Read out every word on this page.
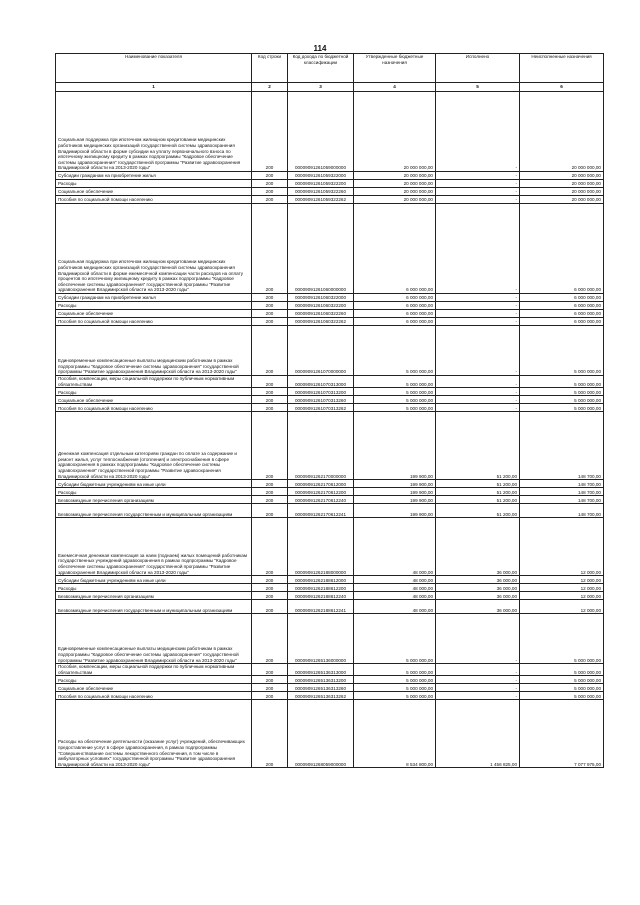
114
Наименование показателя	Код строки	Код дохода по бюджетной классификации	Утвержденные бюджетные назначения	Исполнено	Неисполненные назначения
1	2	3	4	5	6
Социальная поддержка при ипотечном жилищном кредитовании медицинских работников медицинских организаций государственной системы здравоохранения Владимирской области в форме субсидии на уплату первоначального взноса по ипотечному жилищному кредиту в рамках подпрограммы "Кадровое обеспечение системы здравоохранения" государственной программы "Развитие здравоохранения Владимирской области на 2013-2020 годы"	200	00009091261059000000	20 000 000,00	-	20 000 000,00
Субсидии гражданам на приобретение жилья	200	00009091261059322000	20 000 000,00	-	20 000 000,00
Расходы	200	00009091261059322200	20 000 000,00	-	20 000 000,00
Социальное обеспечение	200	00009091261059322260	20 000 000,00	-	20 000 000,00
Пособия по социальной помощи населению	200	00009091261059322262	20 000 000,00	-	20 000 000,00
Социальная поддержка при ипотечном жилищном кредитовании медицинских работников медицинских организаций государственной системы здравоохранения Владимирской области в форме ежемесячной компенсации части расходов на оплату процентов по ипотечному жилищному кредиту в рамках подпрограммы "Кадровое обеспечение системы здравоохранения" государственной программы "Развитие здравоохранения Владимирской области на 2013-2020 годы"	200	00009091261060000000	6 000 000,00	-	6 000 000,00
Субсидии гражданам на приобретение жилья	200	00009091261060322000	6 000 000,00	-	6 000 000,00
Расходы	200	00009091261060322200	6 000 000,00	-	6 000 000,00
Социальное обеспечение	200	00009091261060322260	6 000 000,00	-	6 000 000,00
Пособия по социальной помощи населению	200	00009091261060322262	6 000 000,00	-	6 000 000,00
Единовременные компенсационные выплаты медицинским работникам в рамках подпрограммы "Кадровое обеспечение системы здравоохранения" государственной программы "Развитие здравоохранения Владимирской области на 2013-2020 годы"	200	00009091261070000000	5 000 000,00	-	5 000 000,00
Пособия, компенсации, меры социальной поддержки по публичным нормативным обязательствам	200	00009091261070313000	5 000 000,00	-	5 000 000,00
Расходы	200	00009091261070313200	5 000 000,00	-	5 000 000,00
Социальное обеспечение	200	00009091261070313260	5 000 000,00	-	5 000 000,00
Пособия по социальной помощи населению	200	00009091261070313262	5 000 000,00	-	5 000 000,00
Денежная компенсация отдельным категориям граждан по оплате за содержание и ремонт жилья, услуг теплоснабжения (отопления) и электроснабжения в сфере здравоохранения в рамках подпрограммы "Кадровое обеспечение системы здравоохранения" государственной программы "Развитие здравоохранения Владимирской области на 2013-2020 годы"	200	00009091262170000000	199 900,00	51 200,00	148 700,00
Субсидии бюджетным учреждениям на иные цели	200	00009091262170612000	199 900,00	51 200,00	148 700,00
Расходы	200	00009091262170612200	199 900,00	51 200,00	148 700,00
Безвозмездные перечисления организациям	200	00009091262170612240	199 900,00	51 200,00	148 700,00
Безвозмездные перечисления государственным и муниципальным организациям	200	00009091262170612241	199 900,00	51 200,00	148 700,00
Ежемесячная денежная компенсация за наем (поднаем) жилых помещений работникам государственных учреждений здравоохранения в рамках подпрограммы "Кадровое обеспечение системы здравоохранения" государственной программы "Развитие здравоохранения Владимирской области на 2013-2020 годы"	200	00009091262188000000	48 000,00	36 000,00	12 000,00
Субсидии бюджетным учреждениям на иные цели	200	00009091262188612000	48 000,00	36 000,00	12 000,00
Расходы	200	00009091262188612200	48 000,00	36 000,00	12 000,00
Безвозмездные перечисления организациям	200	00009091262188612240	48 000,00	36 000,00	12 000,00
Безвозмездные перечисления государственным и муниципальным организациям	200	00009091262188612241	48 000,00	36 000,00	12 000,00
Единовременные компенсационные выплаты медицинским работникам в рамках подпрограммы "Кадровое обеспечение системы здравоохранения" государственной программы "Развитие здравоохранения Владимирской области на 2013-2020 годы"	200	00009091265136000000	5 000 000,00	-	5 000 000,00
Пособия, компенсации, меры социальной поддержки по публичным нормативным обязательствам	200	00009091265136313000	5 000 000,00	-	5 000 000,00
Расходы	200	00009091265136313200	5 000 000,00	-	5 000 000,00
Социальное обеспечение	200	00009091265136313260	5 000 000,00	-	5 000 000,00
Пособия по социальной помощи населению	200	00009091265136313262	5 000 000,00	-	5 000 000,00
Расходы на обеспечение деятельности (оказание услуг) учреждений, обеспечивающих предоставление услуг в сфере здравоохранения, в рамках подпрограммы "Совершенствование системы лекарственного обеспечения, в том числе в амбулаторных условиях" государственной программы "Развитие здравоохранения Владимирской области на 2013-2020 годы"	200	00009091268059000000	8 534 800,00	1 456 825,00	7 077 975,00
